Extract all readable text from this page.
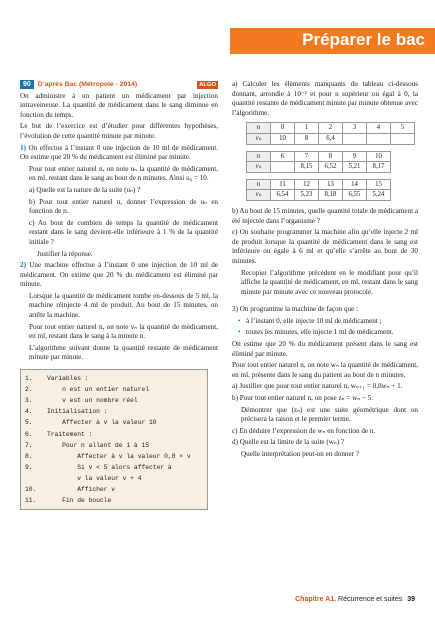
Préparer le bac
90	D’après Bac (Métropole - 2014)	ALGO

On administre à un patient un médicament par injection intraveineuse. La quantité de médicament dans le sang diminue en fonction du temps.

Le but de l’exercice est d’étudier pour différentes hypothèses, l’évolution de cette quantité minute par minute.

1) On effectue à l’instant 0 une injection de 10 ml de médicament. On estime que 20 % du médicament est éliminé par minute.

Pour tout entier naturel n, on note uₙ la quantité de médicament, en ml, restant dans le sang au bout de n minutes. Ainsi u₀ = 10.

a) Quelle est la nature de la suite (uₙ) ?

b) Pour tout entier naturel n, donner l’expression de uₙ en fonction de n.

c) Au bout de combien de temps la quantité de médicament restant dans le sang devient-elle inférieure à 1 % de la quantité initiale ?

Justifier la réponse.

2) Une machine effectue à l’instant 0 une injection de 10 ml de médicament. On estime que 20 % du médicament est éliminé par minute.

Lorsque la quantité de médicament tombe en-dessous de 5 ml, la machine réinjecte 4 ml de produit. Au bout de 15 minutes, on arrête la machine.

Pour tout entier naturel n, on note vₙ la quantité de médicament, en ml, restant dans le sang à la minute n.

L’algorithme suivant donne la quantité restante de médicament minute par minute.

1.	Variables :
2.	n est un entier naturel
3.	v est un nombre réel
4.	Initialisation :
5.	Affecter à v la valeur 10
6.	Traitement :
7.	Pour n allant de 1 à 15
8.	Affecter à v la valeur 0,8 × v
9.	Si v < 5 alors affecter à
v la valeur v + 4
10.	Afficher v
11.	Fin de boucle

a) Calculer les éléments manquants du tableau ci-dessous donnant, arrondie à 10⁻² et pour n supérieur ou égal à 0, la quantité restante de médicament minute par minute obtenue avec l’algorithme.

n	0	1	2	3	4	5
vₙ	10	8	6,4			
n	6	7	8	9	10
vₙ		8,15	6,52	5,21	8,17
n	11	12	13	14	15
vₙ	6,54	5,23	8,18	6,55	5,24

b) Au bout de 15 minutes, quelle quantité totale de médicament a été injectée dans l’organisme ?

c) On souhaite programmer la machine afin qu’elle injecte 2 ml de produit lorsque la quantité de médicament dans le sang est inférieure ou égale à 6 ml et qu’elle s’arrête au bout de 30 minutes.

Recopier l’algorithme précédent en le modifiant pour qu’il affiche la quantité de médicament, en ml, restant dans le sang minute par minute avec ce nouveau protocole.

3) On programme la machine de façon que :

• à l’instant 0, elle injecte 10 ml de médicament ;

• toutes les minutes, elle injecte 1 ml de médicament.

On estime que 20 % du médicament présent dans le sang est éliminé par minute.

Pour tout entier naturel n, on note wₙ la quantité de médicament, en ml, présente dans le sang du patient au bout de n minutes.

a) Justifier que pour tout entier naturel n, wₙ₊₁ = 0,8wₙ + 1.

b) Pour tout entier naturel n, on pose zₙ = wₙ − 5.

Démontrer que (zₙ) est une suite géométrique dont on précisera la raison et le premier terme.

c) En déduire l’expression de wₙ en fonction de n.

d) Quelle est la limite de la suite (wₙ) ?

Quelle interprétation peut-on en donner ?

Chapitre A1. Récurrence et suites 39
